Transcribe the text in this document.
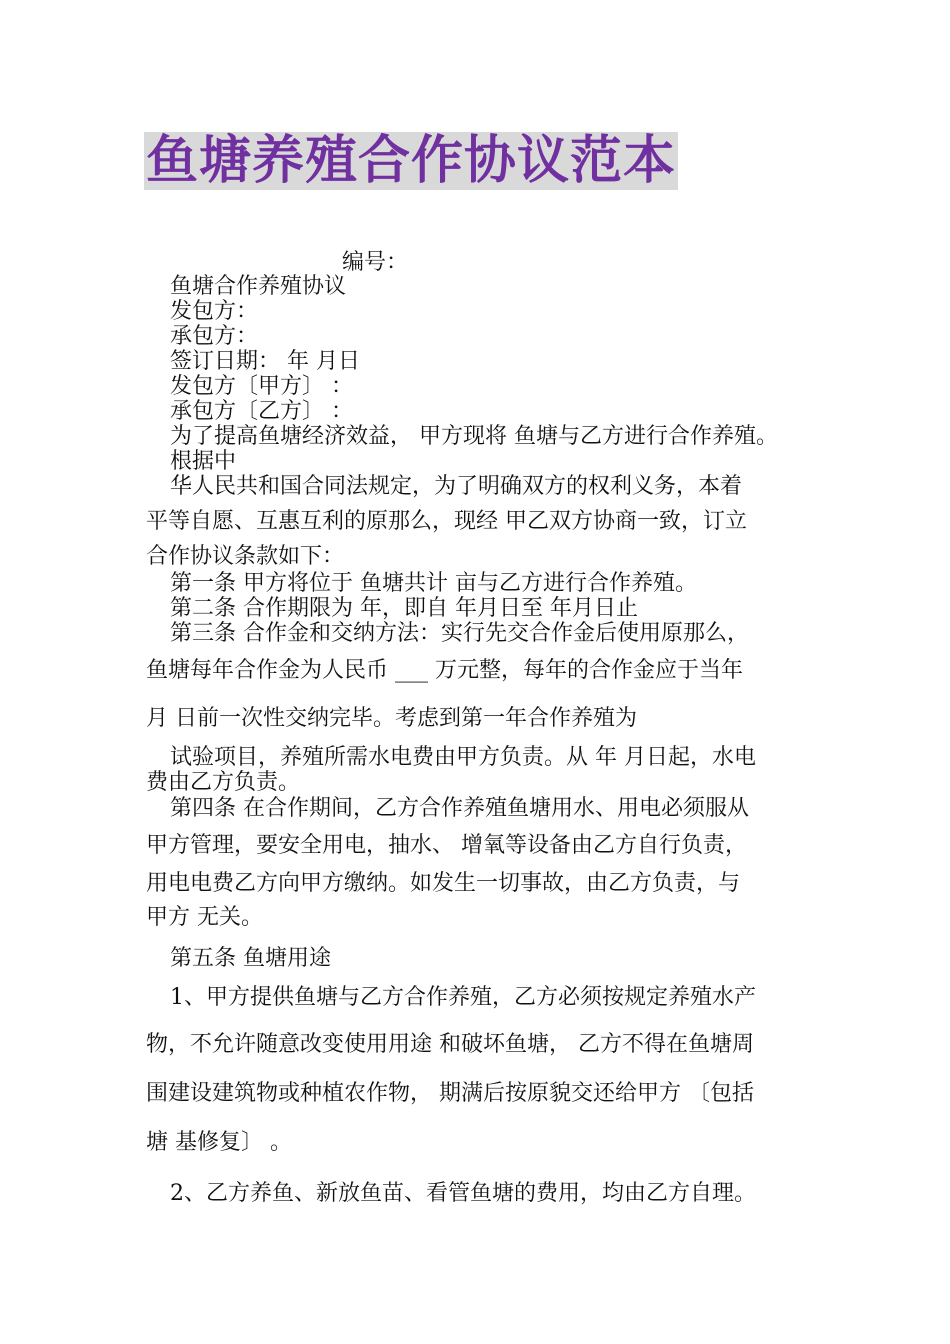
鱼塘养殖合作协议范本
编号：
鱼塘合作养殖协议
发包方：
承包方：
签订日期： 年 月日
发包方〔甲方〕 ：
承包方〔乙方〕 ：
为了提高鱼塘经济效益， 甲方现将 鱼塘与乙方进行合作养殖。
根据中
华人民共和国合同法规定，为了明确双方的权利义务，本着
平等自愿、互惠互利的原那么，现经 甲乙双方协商一致，订立
合作协议条款如下：
第一条 甲方将位于 鱼塘共计 亩与乙方进行合作养殖。
第二条 合作期限为 年，即自 年月日至 年月日止
第三条 合作金和交纳方法：实行先交合作金后使用原那么，
鱼塘每年合作金为人民币 ___ 万元整，每年的合作金应于当年
月 日前一次性交纳完毕。考虑到第一年合作养殖为
试验项目，养殖所需水电费由甲方负责。从 年 月日起，水电
费由乙方负责。
第四条 在合作期间，乙方合作养殖鱼塘用水、用电必须服从
甲方管理，要安全用电，抽水、 增氧等设备由乙方自行负责，
用电电费乙方向甲方缴纳。如发生一切事故，由乙方负责，与
甲方 无关。
第五条 鱼塘用途
1、甲方提供鱼塘与乙方合作养殖，乙方必须按规定养殖水产
物，不允许随意改变使用用途 和破坏鱼塘， 乙方不得在鱼塘周
围建设建筑物或种植农作物， 期满后按原貌交还给甲方 〔包括
塘 基修复〕 。
2、乙方养鱼、新放鱼苗、看管鱼塘的费用，均由乙方自理。
